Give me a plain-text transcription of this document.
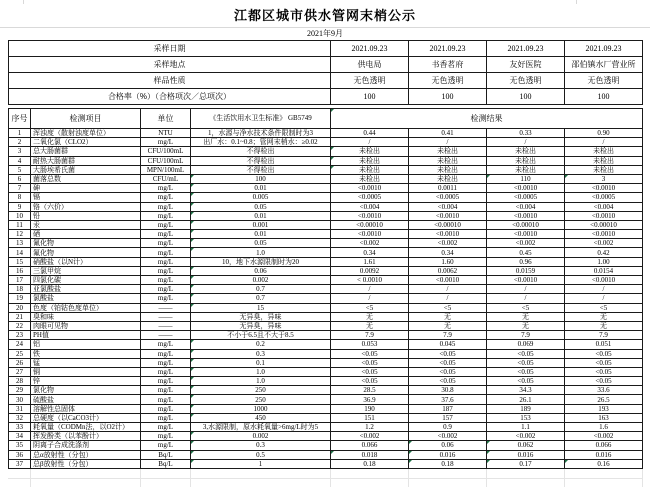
江都区城市供水管网末梢公示
2021年9月
采样日期	2021.09.23	2021.09.23	2021.09.23	2021.09.23
采样地点	供电局	书香茗府	友好医院	邵伯镇水厂营业所
样品性质	无色透明	无色透明	无色透明	无色透明
合格率（%）（合格项次／总项次）	100	100	100	100
序号	检测项目	单位	《生活饮用水卫生标准》 GB5749	检测结果			
1	浑浊度（散射浊度单位）	NTU	1，水源与净水技术条件限制时为3	0.44	0.41	0.33	0.90
2	二氧化氯（CLO2）	mg/L	出厂水：0.1~0.8；管网末梢水：≥0.02	/	/	/	/
3	总大肠菌群	CFU/100mL	不得检出	未检出	未检出	未检出	未检出
4	耐热大肠菌群	CFU/100mL	不得检出	未检出	未检出	未检出	未检出
5	大肠埃希氏菌	MPN/100mL	不得检出	未检出	未检出	未检出	未检出
6	菌落总数	CFU/mL	100	未检出	未检出	110	3
7	砷	mg/L	0.01	<0.0010	0.0011	<0.0010	<0.0010
8	镉	mg/L	0.005	<0.0005	<0.0005	<0.0005	<0.0005
9	铬（六价）	mg/L	0.05	<0.004	<0.004	<0.004	<0.004
10	铅	mg/L	0.01	<0.0010	<0.0010	<0.0010	<0.0010
11	汞	mg/L	0.001	<0.00010	<0.00010	<0.00010	<0.00010
12	硒	mg/L	0.01	<0.0010	<0.0010	<0.0010	<0.0010
13	氰化物	mg/L	0.05	<0.002	<0.002	<0.002	<0.002
14	氟化物	mg/L	1.0	0.34	0.34	0.45	0.42
15	硝酸盐（以N计）	mg/L	10，地下水源限制时为20	1.61	1.60	0.96	1.00
16	三氯甲烷	mg/L	0.06	0.0092	0.0062	0.0159	0.0154
17	四氯化碳	mg/L	0.002	< 0.0010	<0.0010	<0.0010	<0.0010
18	亚氯酸盐	mg/L	0.7	/	/	/	/
19	氯酸盐	mg/L	0.7	/	/	/	/
20	色度（铂钴色度单位）	——	15	<5	<5	<5	<5
21	臭和味	——	无异臭，异味	无	无	无	无
22	肉眼可见物	——	无异臭，异味	无	无	无	无
23	PH值	——	不小于6.5且不大于8.5	7.9	7.9	7.9	7.9
24	铝	mg/L	0.2	0.053	0.045	0.069	0.051
25	铁	mg/L	0.3	<0.05	<0.05	<0.05	<0.05
26	锰	mg/L	0.1	<0.05	<0.05	<0.05	<0.05
27	铜	mg/L	1.0	<0.05	<0.05	<0.05	<0.05
28	锌	mg/L	1.0	<0.05	<0.05	<0.05	<0.05
29	氯化物	mg/L	250	28.5	30.8	34.3	33.6
30	硫酸盐	mg/L	250	36.9	37.6	26.1	26.5
31	溶解性总固体	mg/L	1000	190	187	189	193
32	总硬度（以CaCO3计）	mg/L	450	151	157	153	163
33	耗氧量（CODMn法，以O2计）	mg/L	3,水源限制，原水耗氧量>6mg/L时为5	1.2	0.9	1.1	1.6
34	挥发酚类（以苯酚计）	mg/L	0.002	<0.002	<0.002	<0.002	<0.002
35	阴离子合成洗涤剂	mg/L	0.3	0.066	0.06	0.062	0.066
36	总α放射性（分包）	Bq/L	0.5	0.018	0.016	0.016	0.016
37	总β放射性（分包）	Bq/L	1	0.18	0.18	0.17	0.16
